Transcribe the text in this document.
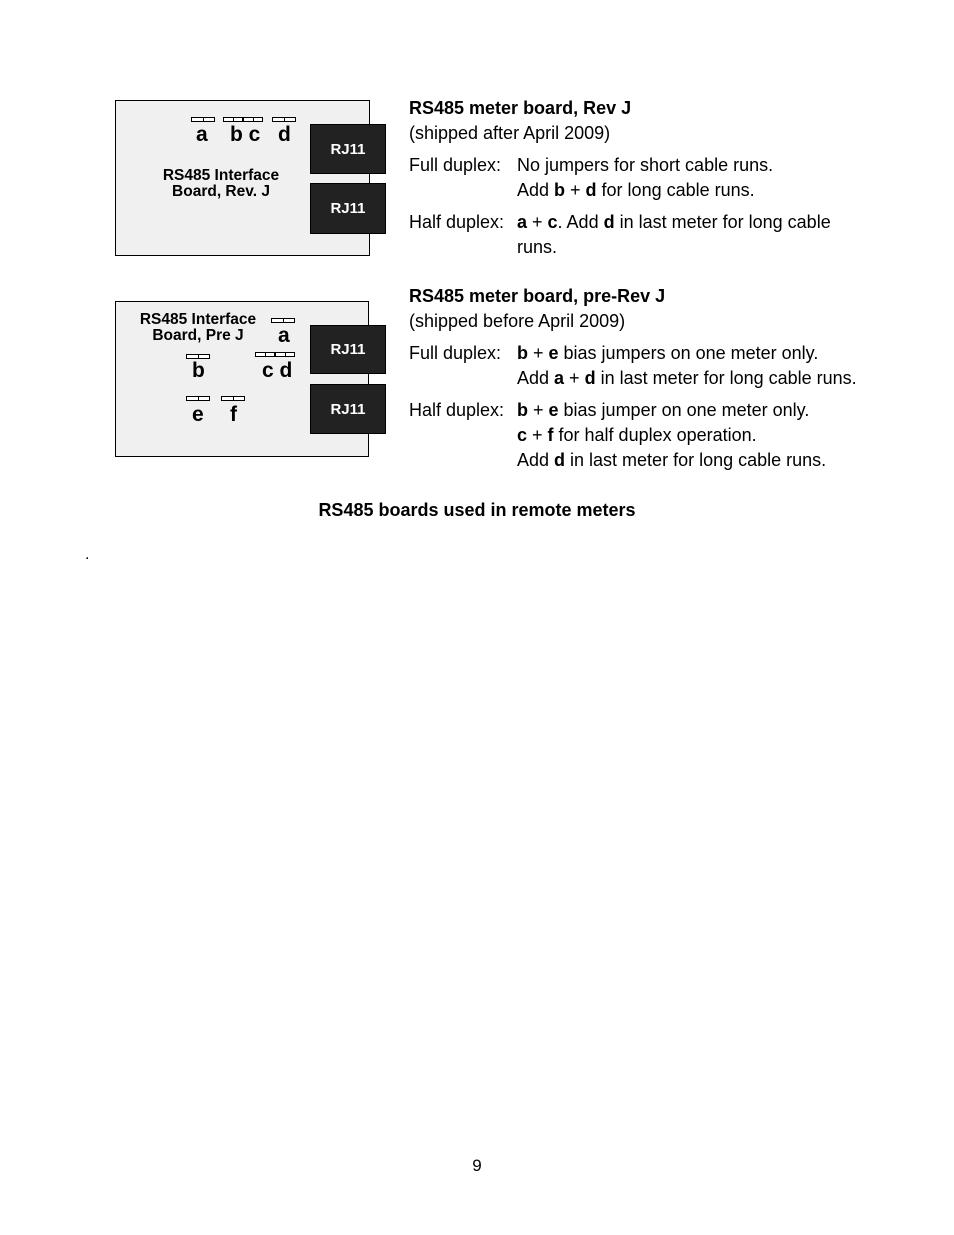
a b c d
RS485 Interface
Board, Rev. J
RJ11
RJ11
RS485 Interface
Board, Pre J	a
b	c d
e f
RJ11
RJ11
RS485 meter board, Rev J
(shipped after April 2009)
Full duplex: No jumpers for short cable runs.
Add b + d for long cable runs.
Half duplex: a + c. Add d in last meter for long cable
runs.
RS485 meter board, pre-Rev J
(shipped before April 2009)
Full duplex: b + e bias jumpers on one meter only.
Add a + d in last meter for long cable runs.
Half duplex: b + e bias jumper on one meter only.
c + f for half duplex operation.
Add d in last meter for long cable runs.
RS485 boards used in remote meters
.
9
